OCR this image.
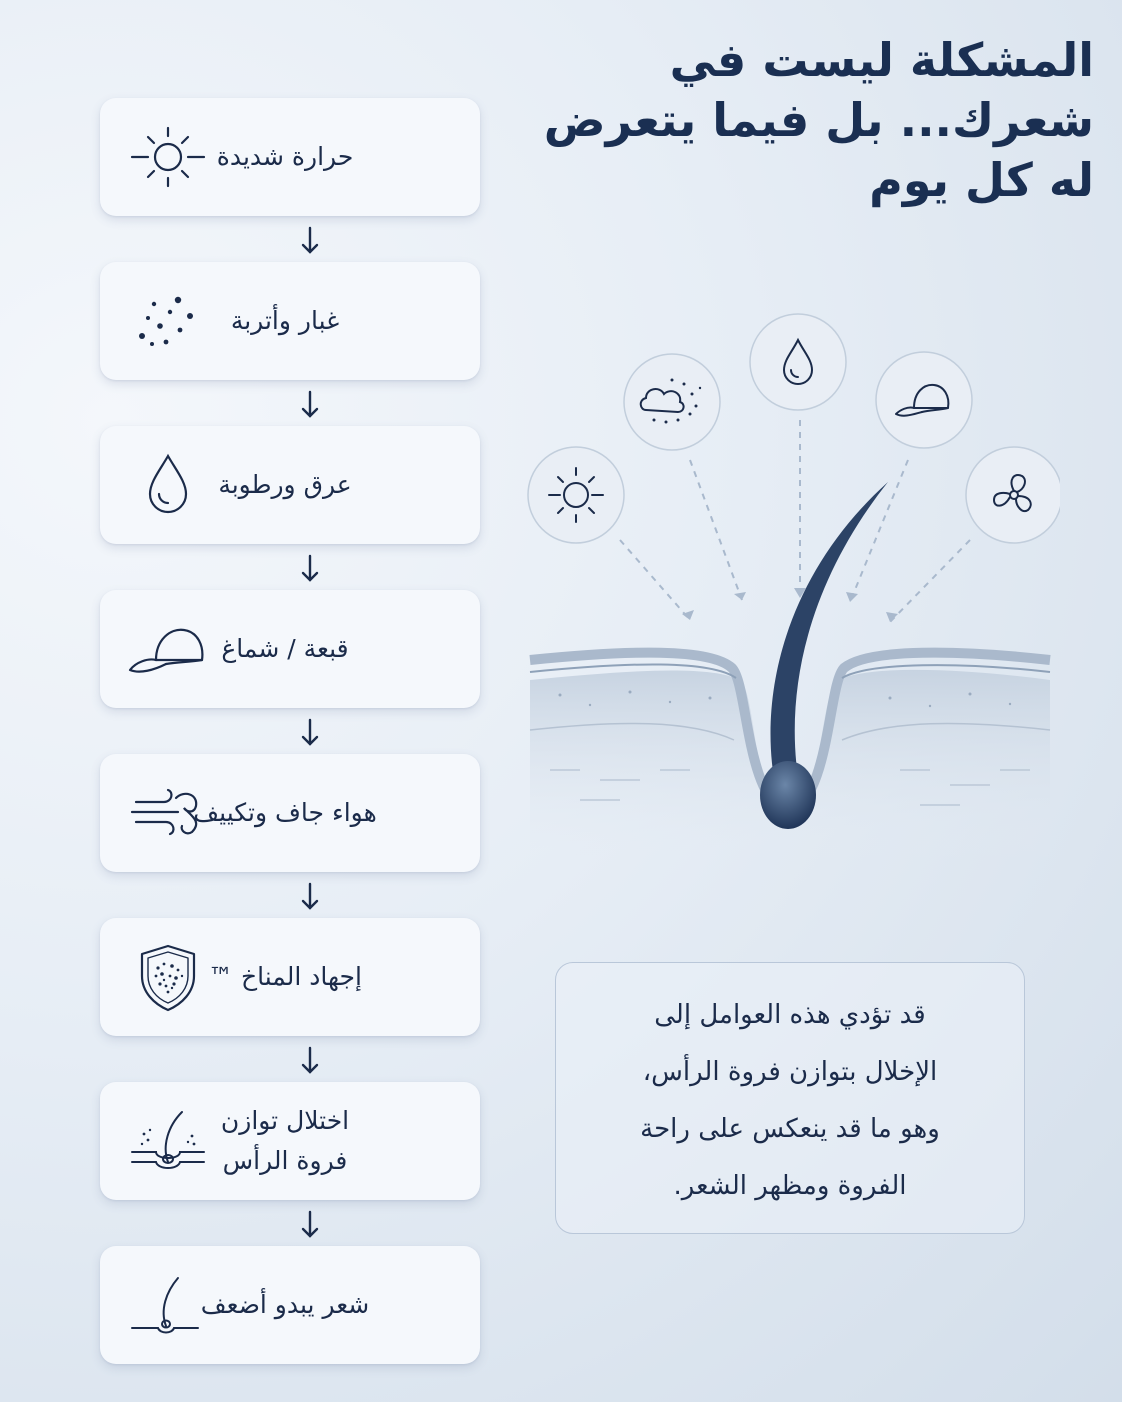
المشكلة ليست في
شعرك... بل فيما يتعرض
له كل يوم
حرارة شديدة
غبار وأتربة
عرق ورطوبة
قبعة / شماغ
هواء جاف وتكييف
إجهاد المناخ ™
اختلال توازن
فروة الرأس
شعر يبدو أضعف
قد تؤدي هذه العوامل إلى
الإخلال بتوازن فروة الرأس،
وهو ما قد ينعكس على راحة
الفروة ومظهر الشعر.
